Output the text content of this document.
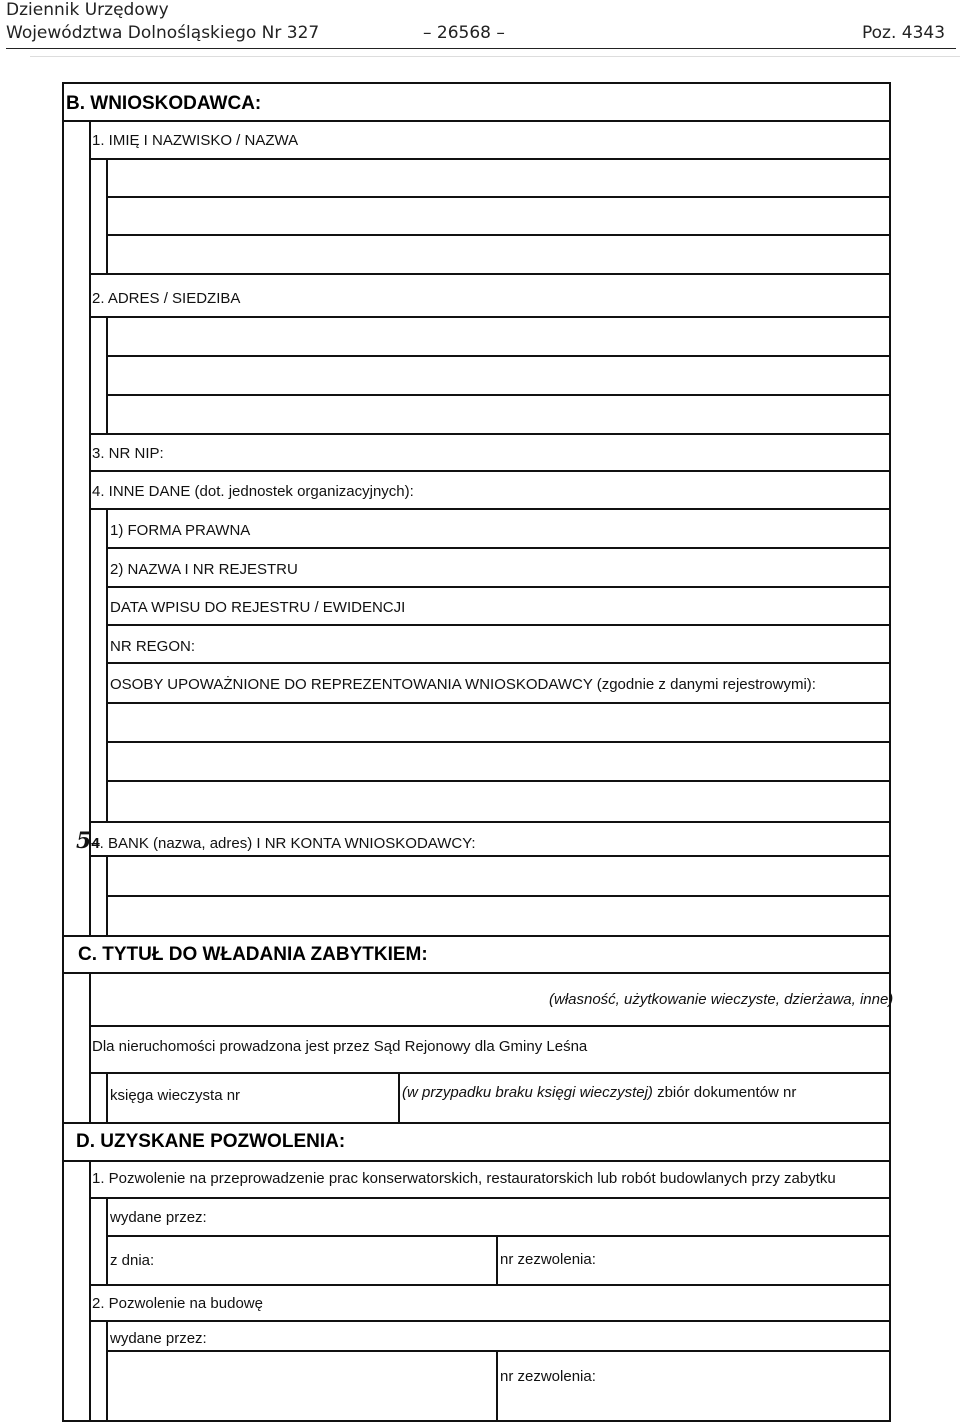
Dziennik Urzędowy
Województwa Dolnośląskiego Nr 327	– 26568 –	Poz. 4343
B. WNIOSKODAWCA:
1. IMIĘ I NAZWISKO / NAZWA
2. ADRES / SIEDZIBA
3. NR NIP:
4. INNE DANE (dot. jednostek organizacyjnych):
1) FORMA PRAWNA
2) NAZWA I NR REJESTRU
DATA WPISU DO REJESTRU / EWIDENCJI
NR REGON:
OSOBY UPOWAŻNIONE DO REPREZENTOWANIA WNIOSKODAWCY (zgodnie z danymi rejestrowymi):
54. BANK (nazwa, adres) I NR KONTA WNIOSKODAWCY:
C. TYTUŁ DO WŁADANIA ZABYTKIEM:
(własność, użytkowanie wieczyste, dzierżawa, inne)
Dla nieruchomości prowadzona jest przez Sąd Rejonowy dla Gminy Leśna
księga wieczysta nr	(w przypadku braku księgi wieczystej) zbiór dokumentów nr
D. UZYSKANE POZWOLENIA:
1. Pozwolenie na przeprowadzenie prac konserwatorskich, restauratorskich lub robót budowlanych przy zabytku
wydane przez:
z dnia:	nr zezwolenia:
2. Pozwolenie na budowę
wydane przez:
nr zezwolenia:
